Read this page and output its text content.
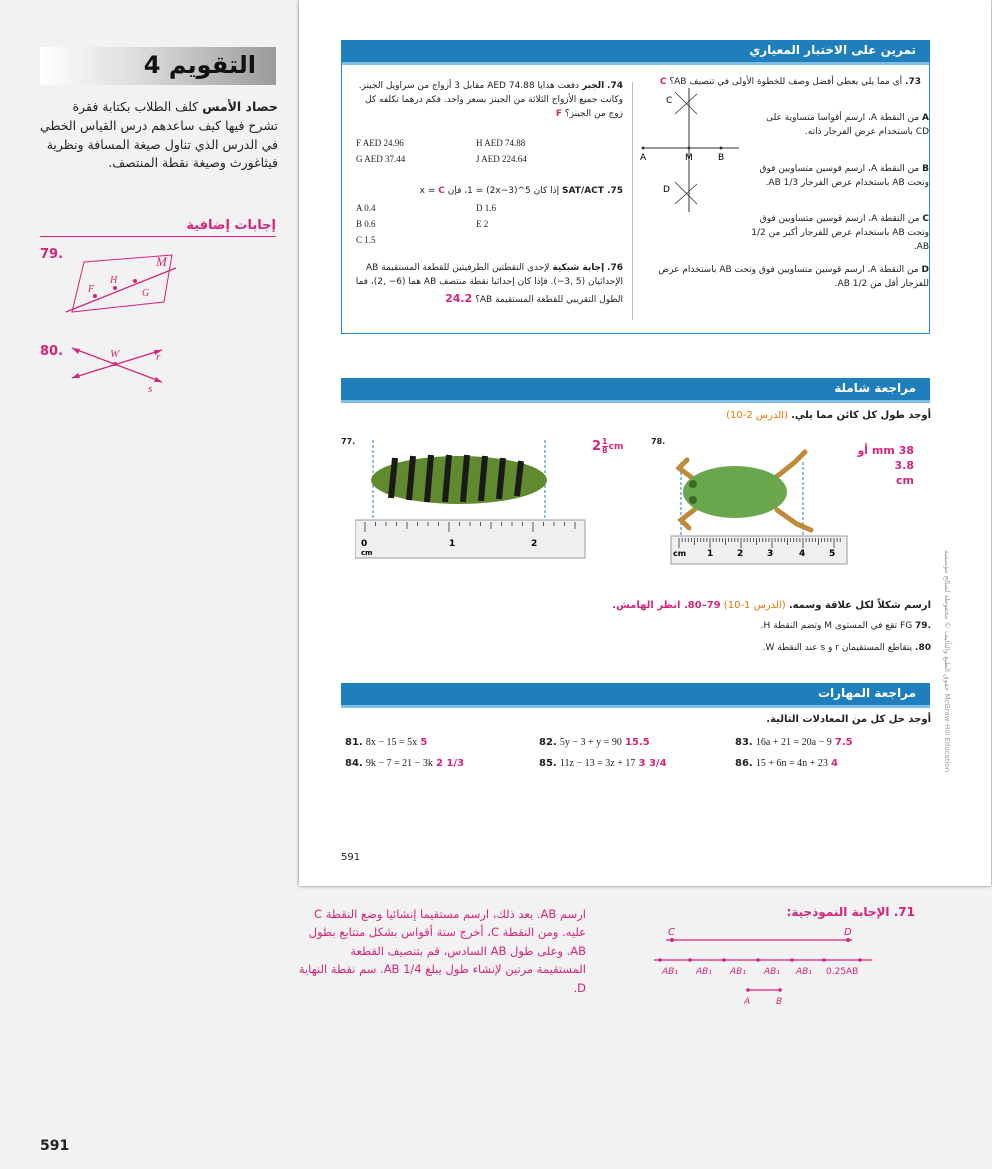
4 التقويم
حصاد الأمس كلف الطلاب بكتابة فقرة تشرح فيها كيف ساعدهم درس القياس الخطي في الدرس الذي تناول صيغة المسافة ونظرية فيثاغورث وصيغة نقطة المنتصف.
إجابات إضافية
79.	M
H
F	G
80.	W	r
s
تمرين على الاختبار المعياري
73. أي مما يلي يعطي أفضل وصف للخطوة الأولى في تنصيف AB؟ C
C
D
A	M	B
A من النقطة A، ارسم أقواسا متساوية على CD باستخدام عرض الفرجار ذاته.
B من النقطة A، ارسم قوسين متساويين فوق وتحت AB باستخدام عرض الفرجار 1/3 AB.
C من النقطة A، ارسم قوسين متساويين فوق وتحت AB باستخدام عرض للفرجار أكبر من 1/2 AB.
D من النقطة A، ارسم قوسين متساويين فوق وتحت AB باستخدام عرض للفرجار أقل من 1/2 AB.
74. الجبر دفعت هدايا 74.88 AED مقابل 3 أزواج من سراويل الجينز. وكانت جميع الأزواج الثلاثة من الجينز بسعر واحد. فكم درهما تكلفه كل زوج من الجينز؟ F
F AED 24.96	H AED 74.88
G AED 37.44	J AED 224.64
SAT/ACT .75 إذا كان 5^(2x−3) = 1، فإن x = C
A 0.4	D 1.6
B 0.6	E 2
C 1.5
76. إجابة شبكية لإحدى النقطتين الطرفيتين للقطعة المستقيمة AB الإحداثيان (5 ,3−). فإذا كان إحداثيا نقطة منتصف AB هما (6− ,2)، فما الطول التقريبي للقطعة المستقيمة AB؟ 24.2
مراجعة شاملة
أوجد طول كل كائن مما يلي. (الدرس 2-10)
77.
0	1	2
cm
$2 \frac{1}{8}$ cm	78.
cm 1	2	3	4	5
38 mm أو
3.8 cm
ارسم شكلاً لكل علاقة وسمه. (الدرس 1-10) 79–80. انظر الهامش.
.79 FG تقع في المستوى M وتضم النقطة H.
80. يتقاطع المستقيمان r و s عند النقطة W.
مراجعة المهارات
أوجد حل كل من المعادلات التالية.
81. 8x − 15 = 5x 5	82. 5y − 3 + y = 90 15.5	83. 16a + 21 = 20a − 9 7.5
84. 9k − 7 = 21 − 3k 2 1/3	85. 11z − 13 = 3z + 17 3 3/4	86. 15 + 6n = 4n + 23 4
591
حقوق الطبع والتأليف © محفوظة لصالح مؤسسة McGraw-Hill Education
71. الإجابة النموذجية:
C	D
AB₁ AB₁ AB₁ AB₁ AB₁ 0.25AB
A	B
ارسم AB. بعد ذلك، ارسم مستقيما إنشائيا وضع النقطة C عليه. ومن النقطة C، أخرج ستة أقواس بشكل متتابع بطول AB. وعلى طول AB السادس، قم بتنصيف القطعة المستقيمة مرتين لإنشاء طول يبلغ 1/4 AB. سم نقطة النهاية D.
591
